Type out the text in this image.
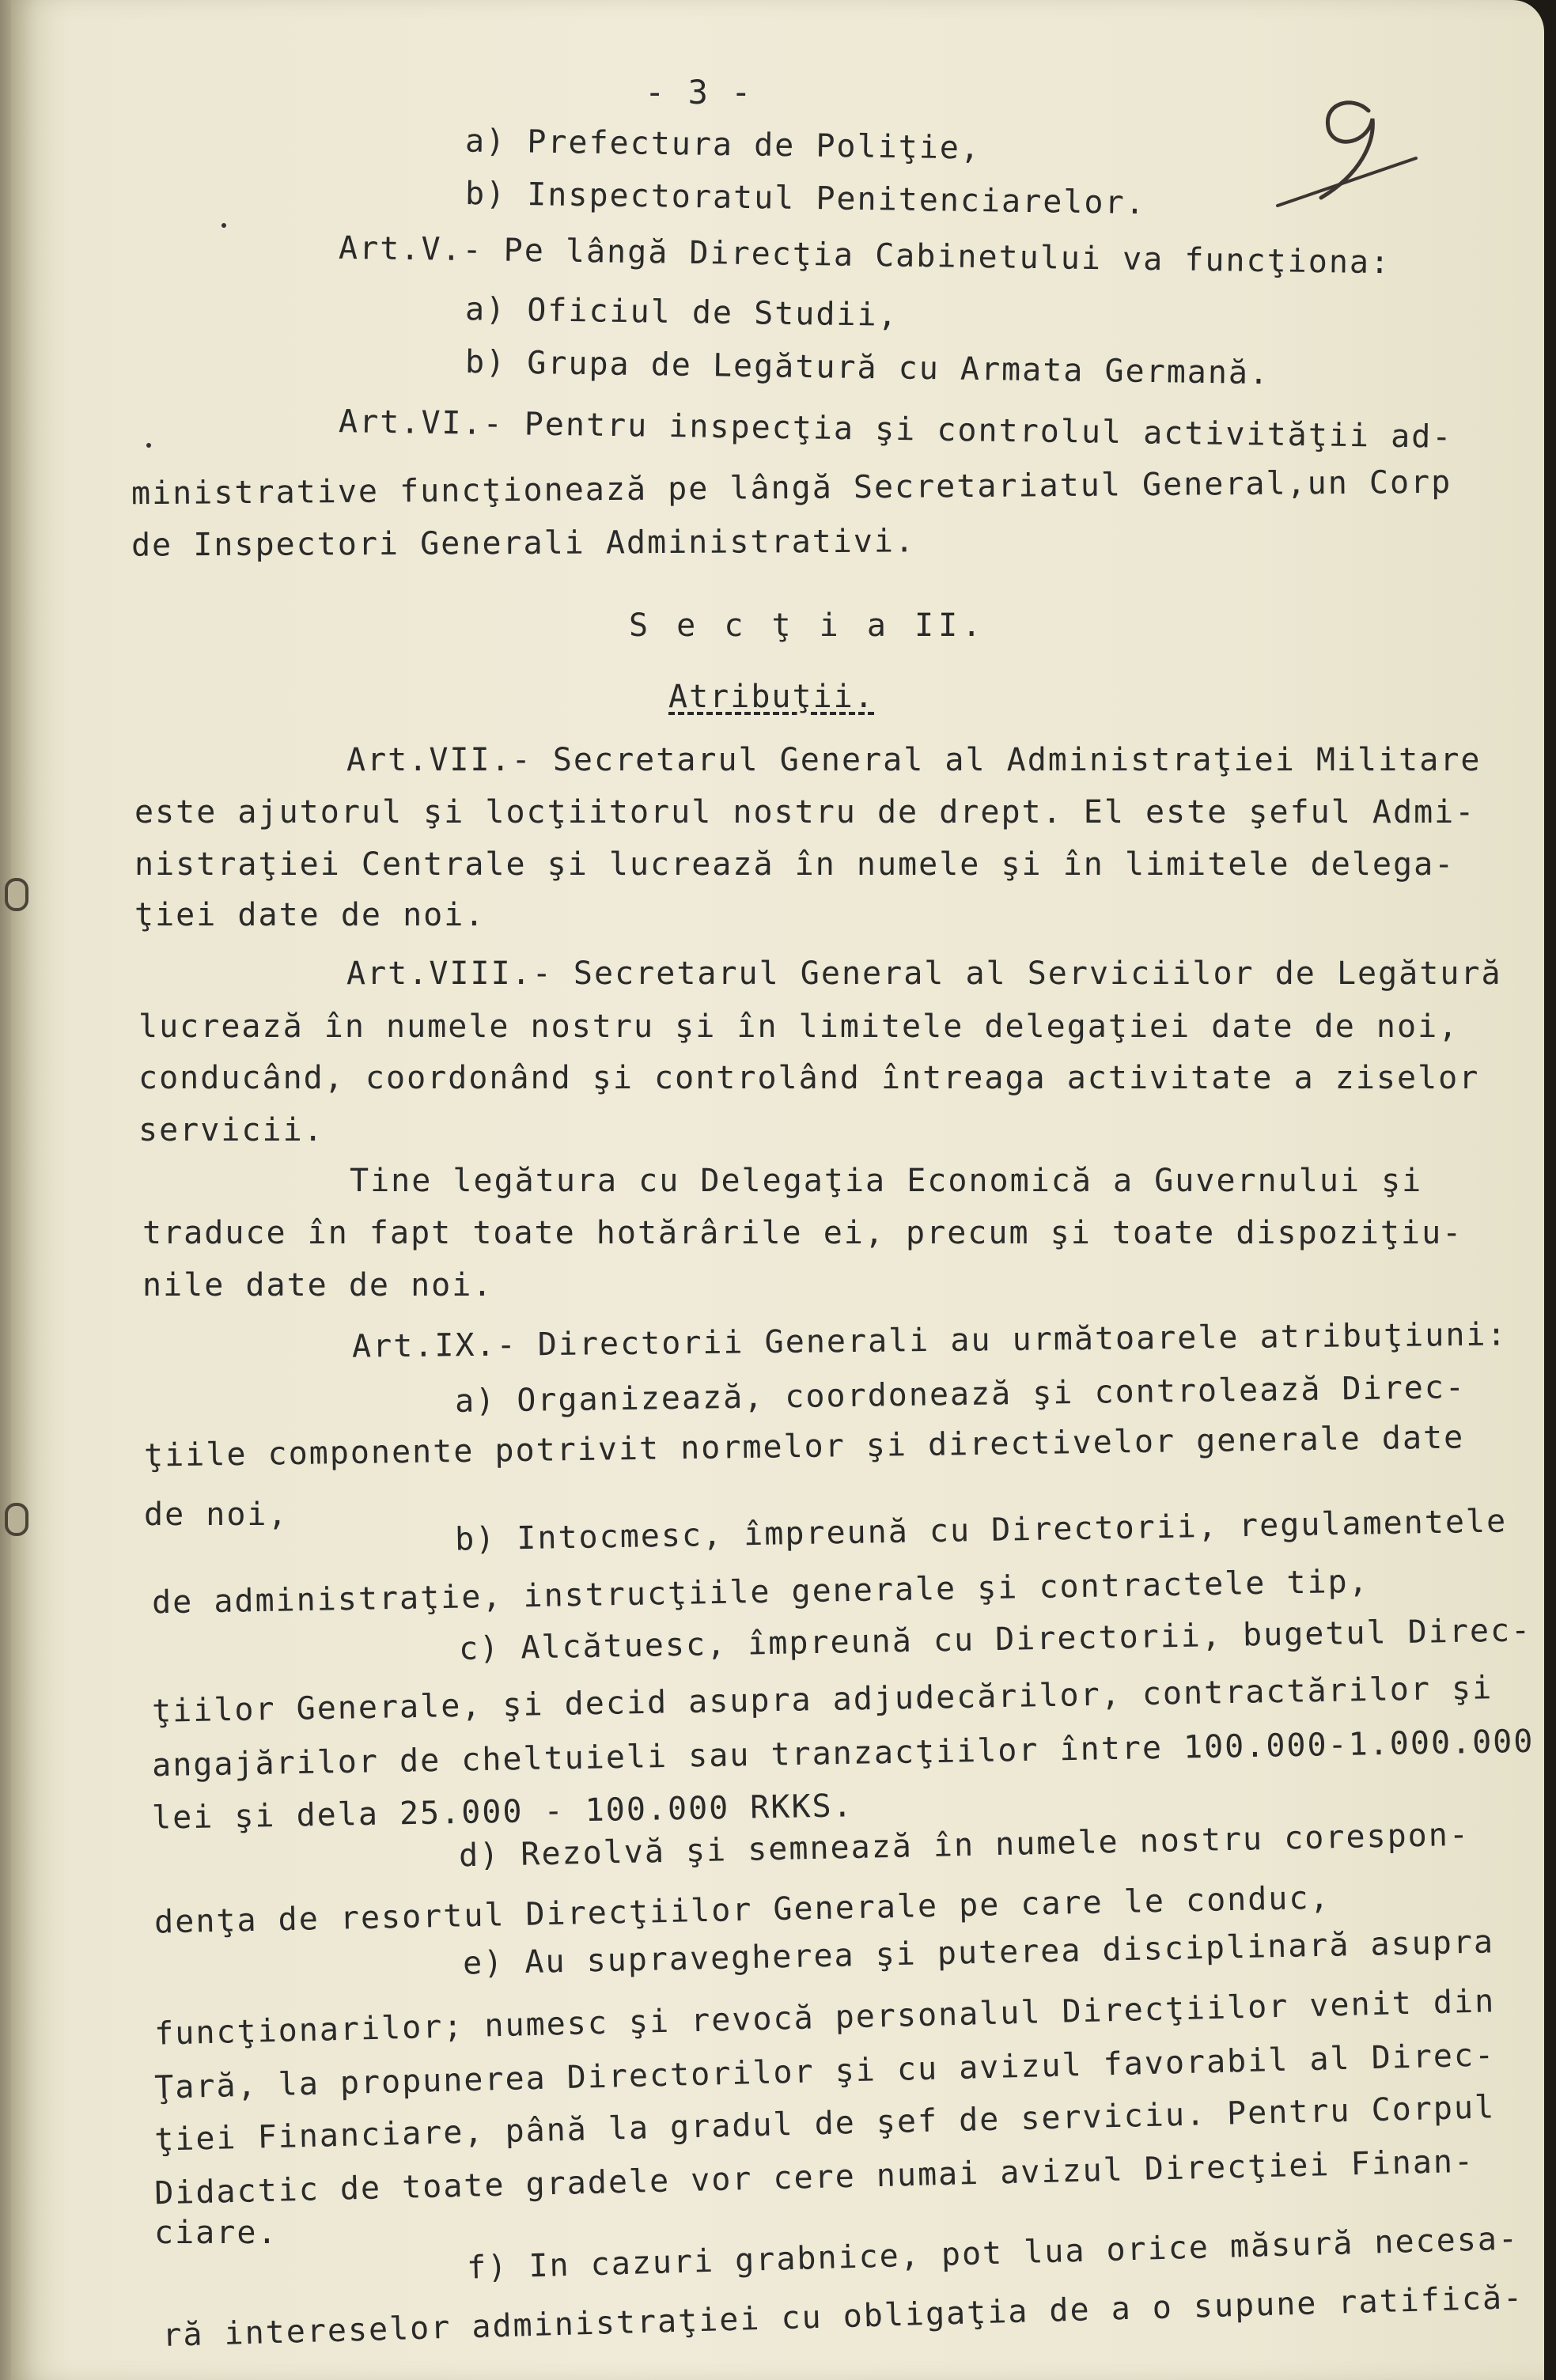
- 3 -
a) Prefectura de Poliţie,
b) Inspectoratul Penitenciarelor.
Art.V.- Pe lângă Direcţia Cabinetului va funcţiona:
a) Oficiul de Studii,
b) Grupa de Legătură cu Armata Germană.
Art.VI.- Pentru inspecţia şi controlul activităţii ad-
ministrative funcţionează pe lângă Secretariatul General,un Corp
de Inspectori Generali Administrativi.
S e c ţ i a II.
Atribuţii.
Art.VII.- Secretarul General al Administraţiei Militare
este ajutorul şi locţiitorul nostru de drept. El este şeful Admi-
nistraţiei Centrale şi lucrează în numele şi în limitele delega-
ţiei date de noi.
Art.VIII.- Secretarul General al Serviciilor de Legătură
lucrează în numele nostru şi în limitele delegaţiei date de noi,
conducând, coordonând şi controlând întreaga activitate a ziselor
servicii.
Tine legătura cu Delegaţia Economică a Guvernului şi
traduce în fapt toate hotărârile ei, precum şi toate dispoziţiu-
nile date de noi.
Art.IX.- Directorii Generali au următoarele atribuţiuni:
a) Organizează, coordonează şi controlează Direc-
ţiile componente potrivit normelor şi directivelor generale date
de noi,	b) Intocmesc, împreună cu Directorii, regulamentele
de administraţie, instrucţiile generale şi contractele tip,
c) Alcătuesc, împreună cu Directorii, bugetul Direc-
ţiilor Generale, şi decid asupra adjudecărilor, contractărilor şi
angajărilor de cheltuieli sau tranzacţiilor între 100.000-1.000.000
lei şi dela 25.000 - 100.000 RKKS.
d) Rezolvă şi semnează în numele nostru corespon-
denţa de resortul Direcţiilor Generale pe care le conduc,
e) Au supravegherea şi puterea disciplinară asupra
funcţionarilor; numesc şi revocă personalul Direcţiilor venit din
Ţară, la propunerea Directorilor şi cu avizul favorabil al Direc-
ţiei Financiare, până la gradul de şef de serviciu. Pentru Corpul
Didactic de toate gradele vor cere numai avizul Direcţiei Finan-
ciare.	f) In cazuri grabnice, pot lua orice măsură necesa-
ră intereselor administraţiei cu obligaţia de a o supune ratifică-
